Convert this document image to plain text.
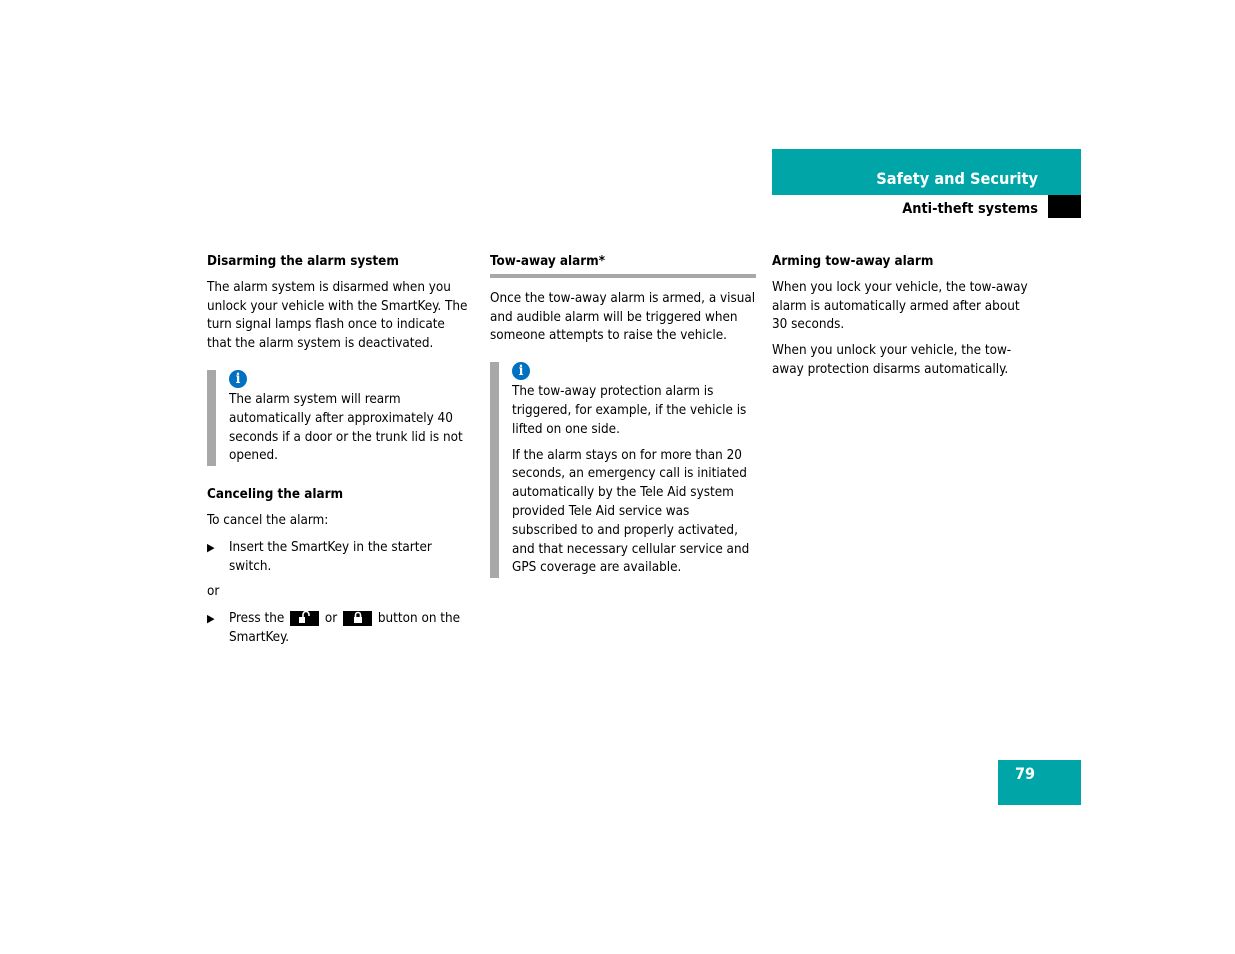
Safety and Security
Anti-theft systems
Disarming the alarm system

The alarm system is disarmed when you unlock your vehicle with the SmartKey. The turn signal lamps flash once to indicate that the alarm system is deactivated.

i

The alarm system will rearm automatically after approximately 40 seconds if a door or the trunk lid is not opened.

Canceling the alarm

To cancel the alarm:

▶ Insert the SmartKey in the starter switch.

or

▶ Press the	or	button on the SmartKey.
Tow-away alarm*

Once the tow-away alarm is armed, a visual and audible alarm will be triggered when someone attempts to raise the vehicle.

i

The tow-away protection alarm is triggered, for example, if the vehicle is lifted on one side.

If the alarm stays on for more than 20 seconds, an emergency call is initiated automatically by the Tele Aid system provided Tele Aid service was subscribed to and properly activated, and that necessary cellular service and GPS coverage are available.

Arming tow-away alarm

When you lock your vehicle, the tow-away alarm is automatically armed after about 30 seconds.

When you unlock your vehicle, the tow-away protection disarms automatically.

79
